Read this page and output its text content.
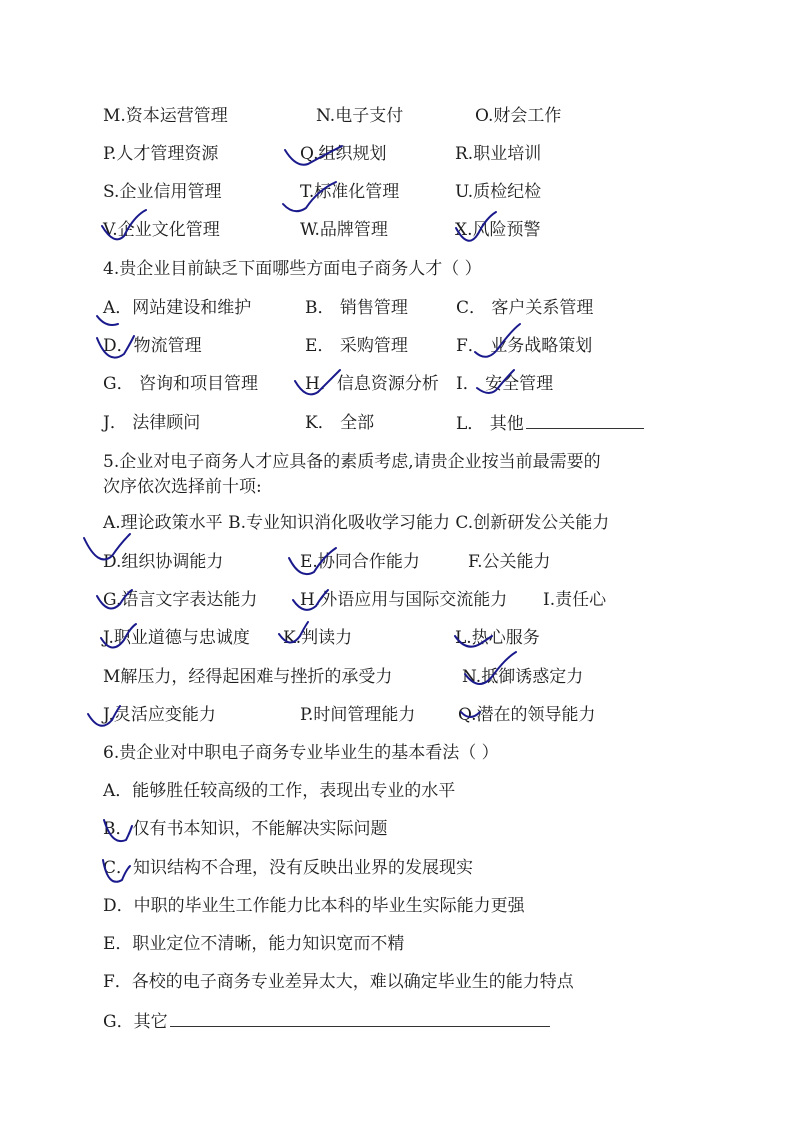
M.资本运营管理	N.电子支付	O.财会工作
P.人才管理资源	Q.组织规划	R.职业培训
S.企业信用管理	T.标准化管理	U.质检纪检
V.企业文化管理	W.品牌管理	X.风险预警
4.贵企业目前缺乏下面哪些方面电子商务人才（ ）
A．网站建设和维护	B． 销售管理	C． 客户关系管理
D．物流管理	E． 采购管理	F． 业务战略策划
G． 咨询和项目管理	H．信息资源分析 I． 安全管理
J． 法律顾问	K． 全部	L． 其他
5.企业对电子商务人才应具备的素质考虑,请贵企业按当前最需要的
次序依次选择前十项:
A.理论政策水平 B.专业知识消化吸收学习能力 C.创新研发公关能力
D.组织协调能力	E.协同合作能力	F.公关能力
G.语言文字表达能力	H.外语应用与国际交流能力 I.责任心
J.职业道德与忠诚度 K.判读力	L.热心服务
M解压力，经得起困难与挫折的承受力	N.抵御诱惑定力
J.灵活应变能力	P.时间管理能力	Q.潜在的领导能力
6.贵企业对中职电子商务专业毕业生的基本看法（ ）
A．能够胜任较高级的工作，表现出专业的水平
B．仅有书本知识，不能解决实际问题
C．知识结构不合理，没有反映出业界的发展现实
D．中职的毕业生工作能力比本科的毕业生实际能力更强
E．职业定位不清晰，能力知识宽而不精
F．各校的电子商务专业差异太大，难以确定毕业生的能力特点
G．其它
